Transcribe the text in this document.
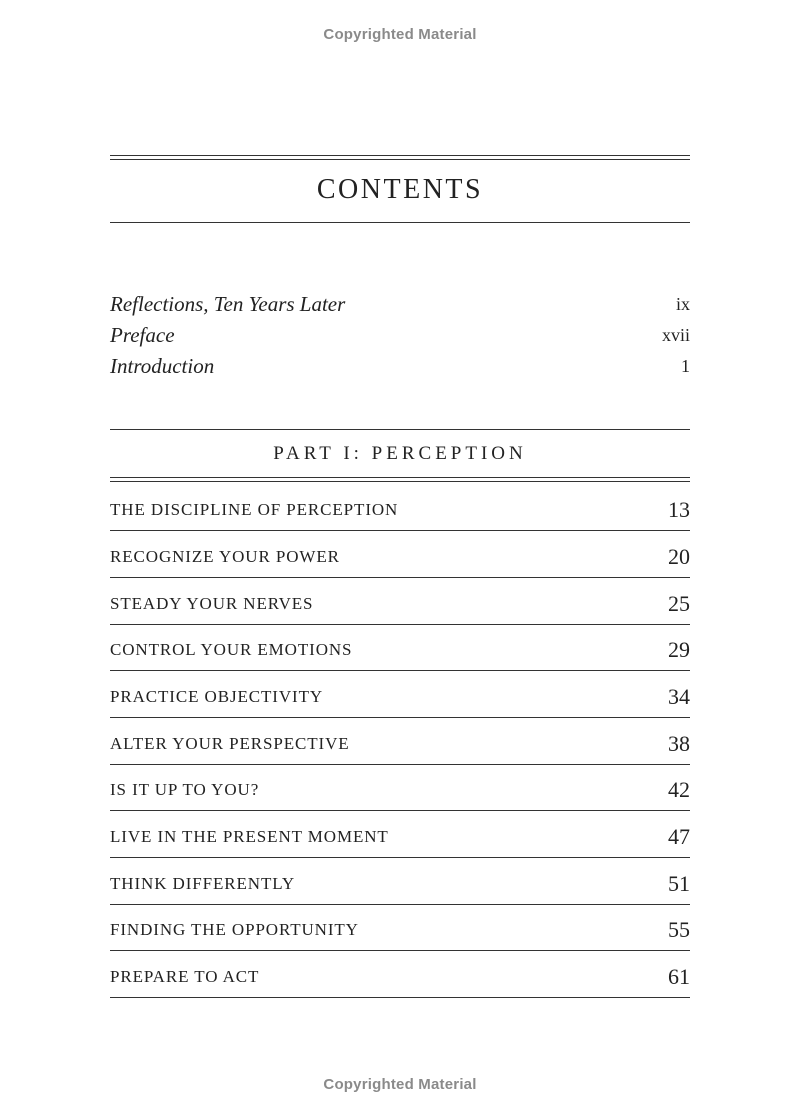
Copyrighted Material
CONTENTS
Reflections, Ten Years Later	ix
Preface	xvii
Introduction	1
PART I: PERCEPTION
THE DISCIPLINE OF PERCEPTION	13
RECOGNIZE YOUR POWER	20
STEADY YOUR NERVES	25
CONTROL YOUR EMOTIONS	29
PRACTICE OBJECTIVITY	34
ALTER YOUR PERSPECTIVE	38
IS IT UP TO YOU?	42
LIVE IN THE PRESENT MOMENT	47
THINK DIFFERENTLY	51
FINDING THE OPPORTUNITY	55
PREPARE TO ACT	61
Copyrighted Material
